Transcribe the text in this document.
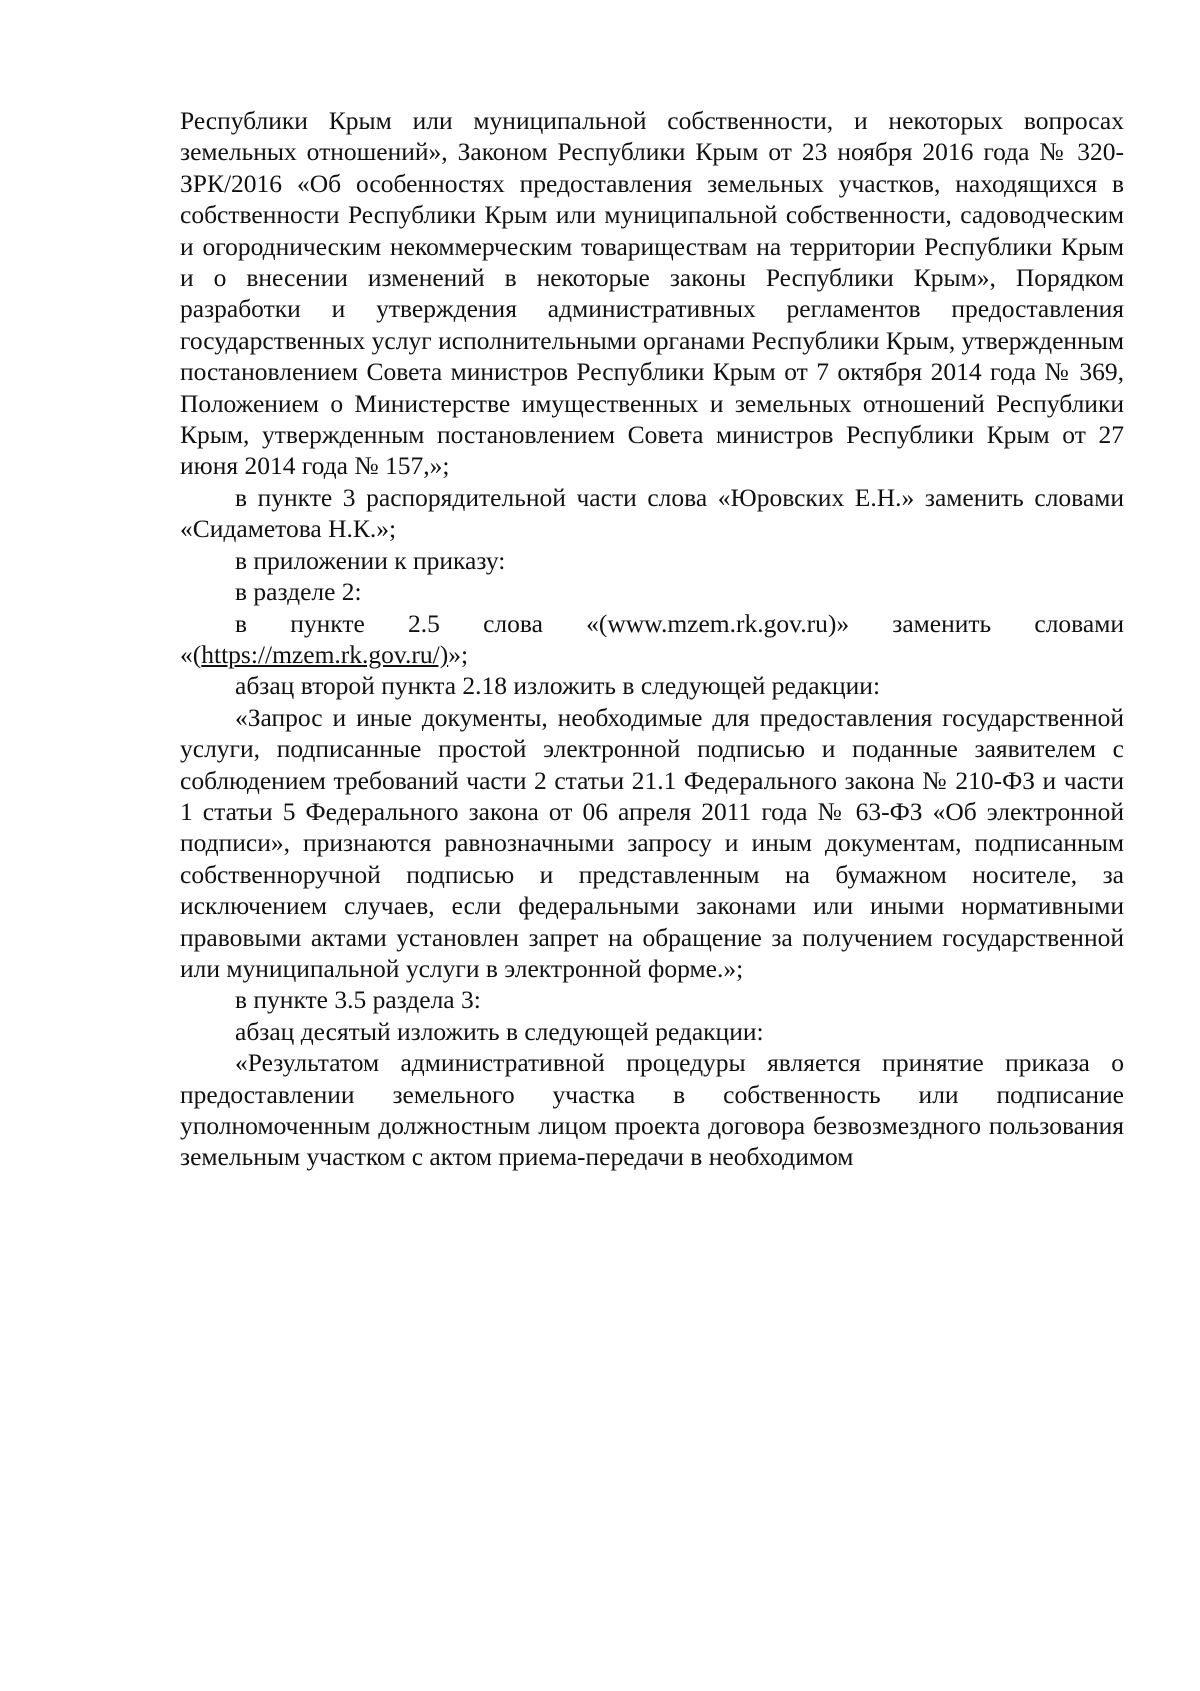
Республики Крым или муниципальной собственности, и некоторых вопросах земельных отношений», Законом Республики Крым от 23 ноября 2016 года № 320-ЗРК/2016 «Об особенностях предоставления земельных участков, находящихся в собственности Республики Крым или муниципальной собственности, садоводческим и огородническим некоммерческим товариществам на территории Республики Крым и о внесении изменений в некоторые законы Республики Крым», Порядком разработки и утверждения административных регламентов предоставления государственных услуг исполнительными органами Республики Крым, утвержденным постановлением Совета министров Республики Крым от 7 октября 2014 года № 369, Положением о Министерстве имущественных и земельных отношений Республики Крым, утвержденным постановлением Совета министров Республики Крым от 27 июня 2014 года № 157,»;

в пункте 3 распорядительной части слова «Юровских Е.Н.» заменить словами «Сидаметова Н.К.»;

в приложении к приказу:

в разделе 2:

в пункте 2.5 слова «(www.mzem.rk.gov.ru)» заменить словами «(https://mzem.rk.gov.ru/)»;

абзац второй пункта 2.18 изложить в следующей редакции:

«Запрос и иные документы, необходимые для предоставления государственной услуги, подписанные простой электронной подписью и поданные заявителем с соблюдением требований части 2 статьи 21.1 Федерального закона № 210-ФЗ и части 1 статьи 5 Федерального закона от 06 апреля 2011 года № 63-ФЗ «Об электронной подписи», признаются равнозначными запросу и иным документам, подписанным собственноручной подписью и представленным на бумажном носителе, за исключением случаев, если федеральными законами или иными нормативными правовыми актами установлен запрет на обращение за получением государственной или муниципальной услуги в электронной форме.»;

в пункте 3.5 раздела 3:

абзац десятый изложить в следующей редакции:

«Результатом административной процедуры является принятие приказа о предоставлении земельного участка в собственность или подписание уполномоченным должностным лицом проекта договора безвозмездного пользования земельным участком с актом приема-передачи в необходимом
